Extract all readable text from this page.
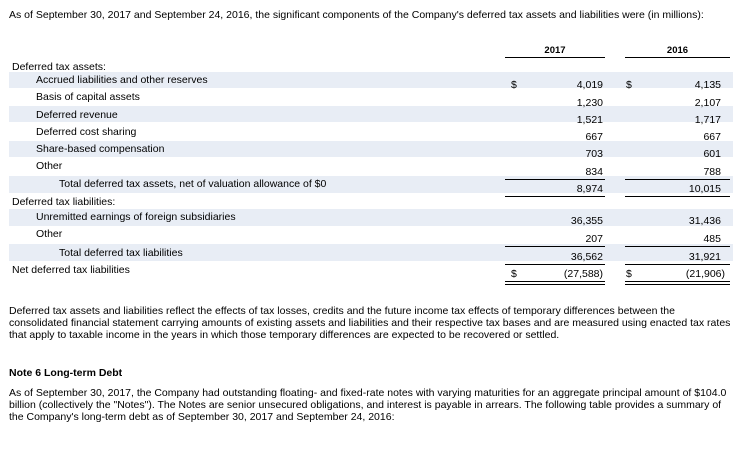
As of September 30, 2017 and September 24, 2016, the significant components of the Company's deferred tax assets and liabilities were (in millions):

2017	2016
Deferred tax assets:
Accrued liabilities and other reserves	$	4,019 $	4,135
Basis of capital assets	1,230	2,107
Deferred revenue	1,521	1,717
Deferred cost sharing	667	667
Share-based compensation	703	601
Other	834	788
Total deferred tax assets, net of valuation allowance of $0	8,974	10,015
Deferred tax liabilities:
Unremitted earnings of foreign subsidiaries	36,355	31,436
Other	207	485
Total deferred tax liabilities	36,562	31,921
Net deferred tax liabilities	$	(27,588) $	(21,906)

Deferred tax assets and liabilities reflect the effects of tax losses, credits and the future income tax effects of temporary differences between the consolidated financial statement carrying amounts of existing assets and liabilities and their respective tax bases and are measured using enacted tax rates that apply to taxable income in the years in which those temporary differences are expected to be recovered or settled.

Note 6 Long-term Debt

As of September 30, 2017, the Company had outstanding floating- and fixed-rate notes with varying maturities for an aggregate principal amount of $104.0 billion (collectively the "Notes"). The Notes are senior unsecured obligations, and interest is payable in arrears. The following table provides a summary of the Company's long-term debt as of September 30, 2017 and September 24, 2016:
